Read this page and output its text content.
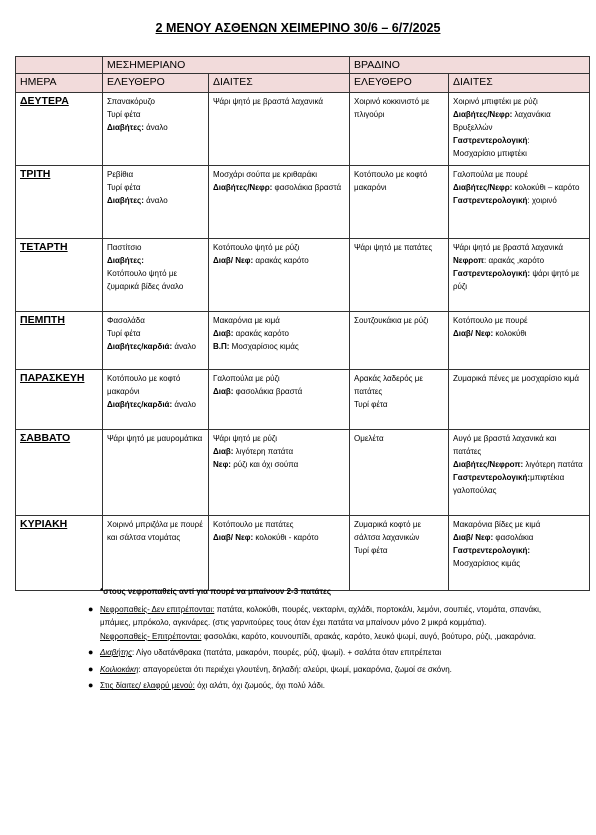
2 ΜΕΝΟΥ ΑΣΘΕΝΩΝ ΧΕΙΜΕΡΙΝΟ 30/6 – 6/7/2025
	ΜΕΣΗΜΕΡΙΑΝΟ		ΒΡΑΔΙΝΟ	
ΗΜΕΡΑ	ΕΛΕΥΘΕΡΟ	ΔΙΑΙΤΕΣ	ΕΛΕΥΘΕΡΟ	ΔΙΑΙΤΕΣ
ΔΕΥΤΕΡΑ	Σπανακόρυζο
Τυρί φέτα
Διαβήτες: άναλο	Ψάρι ψητό με βραστά λαχανικά	Χοιρινό κοκκινιστό με πλιγούρι	Χοιρινό μπιφτέκι με ρύζι
Διαβήτες/Νεφρ: λαχανάκια Βρυξελλών
Γαστρεντερολογική:
Μοσχαρίσιο μπιφτέκι

ΤΡΙΤΗ	Ρεβίθια
Τυρί φέτα
Διαβήτες: άναλο	Μοσχάρι σούπα με κριθαράκι
Διαβήτες/Νεφρ: φασολάκια βραστά	Κοτόπουλο με κοφτό μακαρόνι	Γαλοπούλα με πουρέ
Διαβήτες/Νεφρ: κολοκύθι – καρότο
Γαστρεντερολογική: χοιρινό

ΤΕΤΑΡΤΗ	Παστίτσιο
Διαβήτες:
Κοτόπουλο ψητό με ζυμαρικά βίδες άναλο	Κοτόπουλο ψητό με ρύζι
Διαβ/ Νεφ: αρακάς καρότο	Ψάρι ψητό με πατάτες	Ψάρι ψητό με βραστά λαχανικά
Νεφροπ: αρακάς ,καρότο
Γαστρεντερολογική: ψάρι ψητό με ρύζι

ΠΕΜΠΤΗ	Φασολάδα
Τυρί φέτα
Διαβήτες/καρδιά: άναλο	Μακαρόνια με κιμά
Διαβ: αρακάς καρότο
Β.Π: Μοσχαρίσιος κιμάς	Σουτζουκάκια με ρύζι	Κοτόπουλο με πουρέ
Διαβ/ Νεφ: κολοκύθι

ΠΑΡΑΣΚΕΥΗ	Κοτόπουλο με κοφτό μακαρόνι
Διαβήτες/καρδιά: άναλο	Γαλοπούλα με ρύζι
Διαβ: φασολάκια βραστά	Αρακάς λαδερός με πατάτες
Τυρί φέτα	Ζυμαρικά πένες με μοσχαρίσιο κιμά

ΣΑΒΒΑΤΟ	Ψάρι ψητό με μαυρομάτικα	Ψάρι ψητό με ρύζι
Διαβ: λιγότερη πατάτα
Νεφ: ρύζι και όχι σούπα	Ομελέτα	Αυγό με βραστά λαχανικά και πατάτες
Διαβήτες/Νεφροπ: λιγότερη πατάτα
Γαστρεντερολογική:μπιφτέκια γαλοπούλας

ΚΥΡΙΑΚΗ	Χοιρινό μπριζόλα με πουρέ και σάλτσα ντομάτας	Κοτόπουλο με πατάτες
Διαβ/ Νεφ: κολοκύθι - καρότο	Ζυμαρικά κοφτό με σάλτσα λαχανικών
Τυρί φέτα	Μακαρόνια βίδες με κιμά
Διαβ/ Νεφ: φασολάκια
Γαστρεντερολογική:
Μοσχαρίσιος κιμάς
*στους νεφροπαθείς αντί για πουρέ να μπαίνουν 2-3 πατάτες
● Νεφροπαθείς- Δεν επιτρέπονται: πατάτα, κολοκύθι, πουρές, νεκταρίνι, αχλάδι, πορτοκάλι, λεμόνι, σουπιές, ντομάτα, σπανάκι, μπάμιες, μπρόκολο, αγκινάρες. (στις γαρνιτούρες τους όταν έχει πατάτα να μπαίνουν μόνο 2 μικρά κομμάτια).
Νεφροπαθείς- Επιτρέπονται: φασολάκι, καρότο, κουνουπίδι, αρακάς, καρότο, λευκό ψωμί, αυγό, βούτυρο, ρύζι, ,μακαρόνια.
● Διαβήτης: Λίγο υδατάνθρακα (πατάτα, μακαρόνι, πουρές, ρύζι, ψωμί). + σαλάτα όταν επιτρέπεται
● Κοιλιοκάκη: απαγορεύεται ότι περιέχει γλουτένη, δηλαδή: αλεύρι, ψωμί, μακαρόνια, ζωμοί σε σκόνη.
● Στις δίαιτες/ ελαφρύ μενού: όχι αλάτι, όχι ζωμούς, όχι πολύ λάδι.
